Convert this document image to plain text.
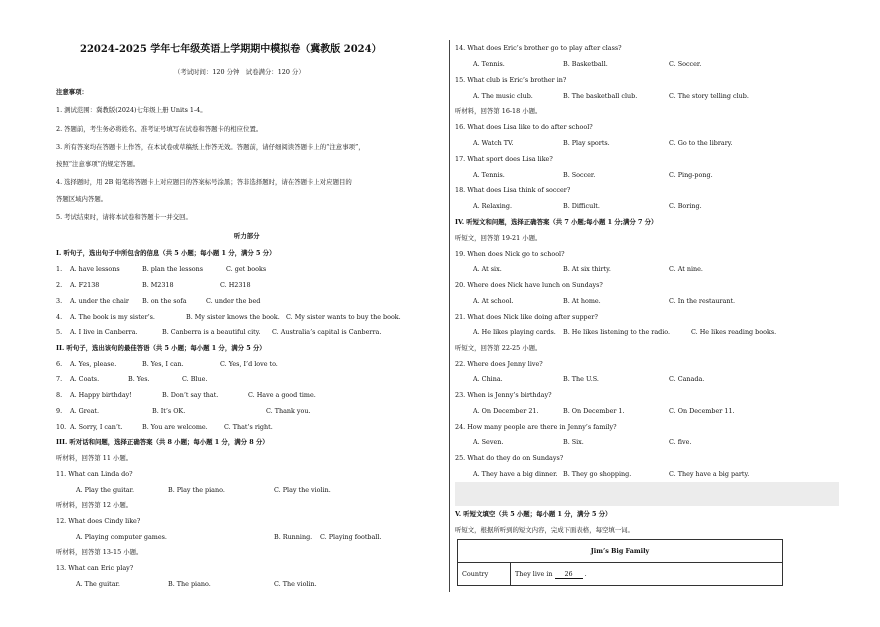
22024-2025 学年七年级英语上学期期中模拟卷（冀教版 2024）
（考试时间：120 分钟　试卷满分：120 分）
注意事项：
1. 测试范围：冀教版(2024)七年级上册 Units 1-4。
2. 答题前，考生务必将姓名、准考证号填写在试卷和答题卡的相应位置。
3. 所有答案均在答题卡上作答，在本试卷或草稿纸上作答无效。答题前，请仔细阅读答题卡上的“注意事项”，
按照“注意事项”的规定答题。
4. 选择题时，用 2B 铅笔将答题卡上对应题目的答案标号涂黑；答非选择题时，请在答题卡上对应题目的
答题区域内答题。
5. 考试结束时，请将本试卷和答题卡一并交回。
听力部分
I. 听句子，选出句子中所包含的信息（共 5 小题；每小题 1 分，满分 5 分）
1. A. have lessons	B. plan the lessons	C. get books
2. A. F2138	B. M2318	C. H2318
3. A. under the chair B. on the sofa	C. under the bed
4. A. The book is my sister’s.	B. My sister knows the book. C. My sister wants to buy the book.
5. A. I live in Canberra.	B. Canberra is a beautiful city. C. Australia’s capital is Canberra.
II. 听句子，选出该句的最佳答语（共 5 小题；每小题 1 分，满分 5 分）
6. A. Yes, please.	B. Yes, I can.	C. Yes, I’d love to.
7. A. Coats.	B. Yes.	C. Blue.
8. A. Happy birthday!	B. Don’t say that.	C. Have a good time.
9. A. Great.	B. It’s OK.	C. Thank you.
10. A. Sorry, I can’t.	B. You are welcome.	C. That’s right.
III. 听对话和问题，选择正确答案（共 8 小题；每小题 1 分，满分 8 分）
听材料，回答第 11 小题。
11. What can Linda do?
A. Play the guitar.	B. Play the piano.	C. Play the violin.
听材料，回答第 12 小题。
12. What does Cindy like?
A. Playing computer games.	B. Running. C. Playing football.
听材料，回答第 13-15 小题。
13. What can Eric play?
A. The guitar.	B. The piano.	C. The violin.
14. What does Eric’s brother go to play after class?
A. Tennis.	B. Basketball.	C. Soccer.
15. What club is Eric’s brother in?
A. The music club.	B. The basketball club.	C. The story telling club.
听材料，回答第 16-18 小题。
16. What does Lisa like to do after school?
A. Watch TV.	B. Play sports.	C. Go to the library.
17. What sport does Lisa like?
A. Tennis.	B. Soccer.	C. Ping-pong.
18. What does Lisa think of soccer?
A. Relaxing.	B. Difficult.	C. Boring.
IV. 听短文和问题，选择正确答案（共 7 小题;每小题 1 分;满分 7 分）
听短文，回答第 19-21 小题。
19. When does Nick go to school?
A. At six.	B. At six thirty.	C. At nine.
20. Where does Nick have lunch on Sundays?
A. At school.	B. At home.	C. In the restaurant.
21. What does Nick like doing after supper?
A. He likes playing cards. B. He likes listening to the radio.	C. He likes reading books.
听短文，回答第 22-25 小题。
22. Where does Jenny live?
A. China.	B. The U.S.	C. Canada.
23. When is Jenny’s birthday?
A. On December 21.	B. On December 1.	C. On December 11.
24. How many people are there in Jenny’s family?
A. Seven.	B. Six.	C. five.
25. What do they do on Sundays?
A. They have a big dinner. B. They go shopping.	C. They have a big party.
V. 听短文填空（共 5 小题；每小题 1 分，满分 5 分）
听短文，根据所听到的短文内容，完成下面表格，每空填一词。
Jim’s Big Family
Country	They live in 26 .
